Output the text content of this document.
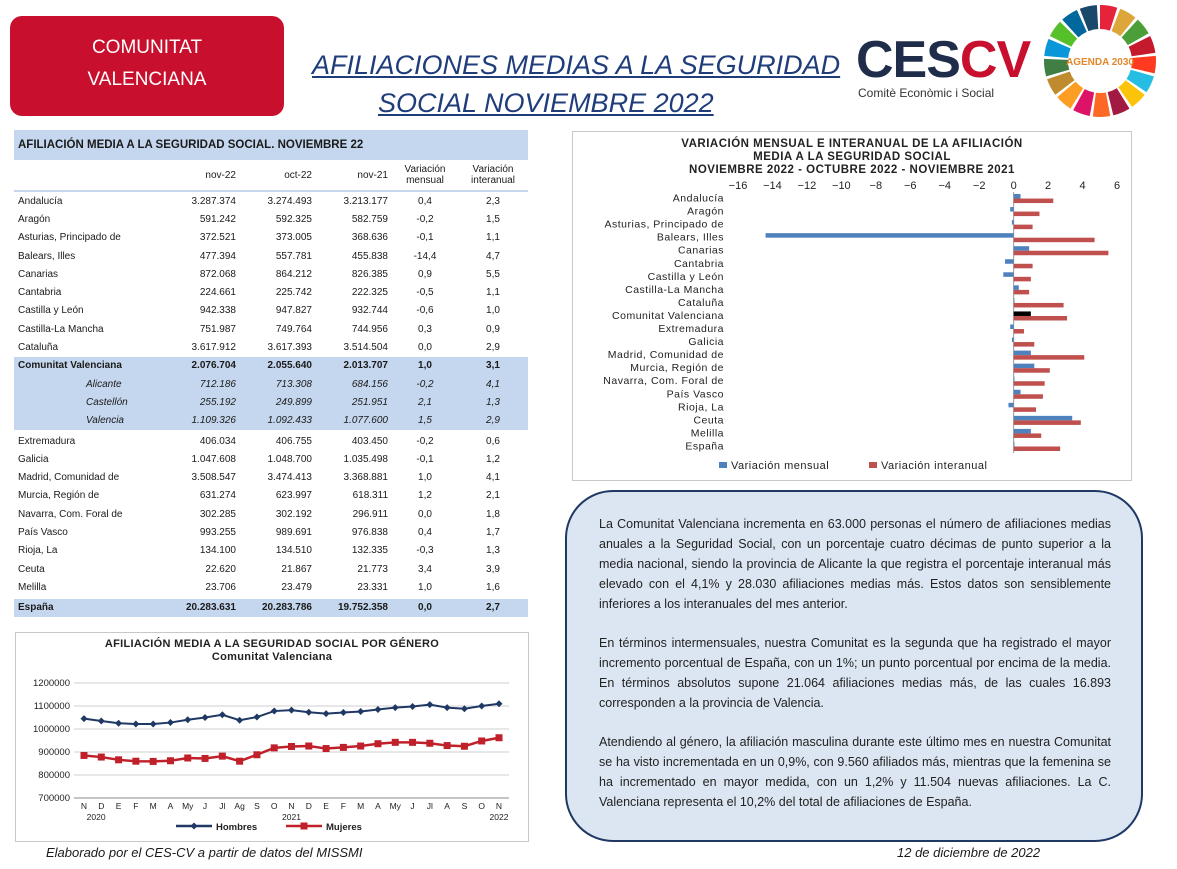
COMUNITAT
VALENCIANA	AFILIACIONES MEDIAS A LA SEGURIDAD
SOCIAL NOVIEMBRE 2022
CESCV
Comitè Econòmic i Social
AGENDA 2030
AFILIACIÓN MEDIA A LA SEGURIDAD SOCIAL. NOVIEMBRE 22					
	nov-22	oct-22	nov-21	Variación mensual	Variación interanual

Andalucía	3.287.374	3.274.493	3.213.177	0,4	2,3
Aragón	591.242	592.325	582.759	-0,2	1,5
Asturias, Principado de	372.521	373.005	368.636	-0,1	1,1
Balears, Illes	477.394	557.781	455.838	-14,4	4,7
Canarias	872.068	864.212	826.385	0,9	5,5
Cantabria	224.661	225.742	222.325	-0,5	1,1
Castilla y León	942.338	947.827	932.744	-0,6	1,0
Castilla-La Mancha	751.987	749.764	744.956	0,3	0,9
Cataluña	3.617.912	3.617.393	3.514.504	0,0	2,9
Comunitat Valenciana	2.076.704	2.055.640	2.013.707	1,0	3,1
Alicante	712.186	713.308	684.156	-0,2	4,1
Castellón	255.192	249.899	251.951	2,1	1,3
Valencia	1.109.326	1.092.433	1.077.600	1,5	2,9

Extremadura	406.034	406.755	403.450	-0,2	0,6
Galicia	1.047.608	1.048.700	1.035.498	-0,1	1,2
Madrid, Comunidad de	3.508.547	3.474.413	3.368.881	1,0	4,1
Murcia, Región de	631.274	623.997	618.311	1,2	2,1
Navarra, Com. Foral de	302.285	302.192	296.911	0,0	1,8
País Vasco	993.255	989.691	976.838	0,4	1,7
Rioja, La	134.100	134.510	132.335	-0,3	1,3
Ceuta	22.620	21.867	21.773	3,4	3,9
Melilla	23.706	23.479	23.331	1,0	1,6

España	20.283.631	20.283.786	19.752.358	0,0	2,7
VARIACIÓN MENSUAL E INTERANUAL DE LA AFILIACIÓN
MEDIA A LA SEGURIDAD SOCIAL
NOVIEMBRE 2022 - OCTUBRE 2022 - NOVIEMBRE 2021
−16 −14 −12 −10 −8 −6 −4 −2 0	2	4	6
Andalucía
Aragón
Asturias, Principado de
Balears, Illes
Canarias
Cantabria
Castilla y León
Castilla-La Mancha
Cataluña
Comunitat Valenciana
Extremadura
Galicia
Madrid, Comunidad de
Murcia, Región de
Navarra, Com. Foral de
País Vasco
Rioja, La
Ceuta
Melilla
España
Variación mensual	Variación interanual
AFILIACIÓN MEDIA A LA SEGURIDAD SOCIAL POR GÉNERO
Comunitat Valenciana
700000
800000
900000
1000000
1100000
1200000
N D E F M A My J Jl Ag S O N D E F M A My J Jl A S O N
2020	2021	2022
Hombres	Mujeres

La Comunitat Valenciana incrementa en 63.000 personas el número de afiliaciones medias anuales a la Seguridad Social, con un porcentaje cuatro décimas de punto superior a la media nacional, siendo la provincia de Alicante la que registra el porcentaje interanual más elevado con el 4,1% y 28.030 afiliaciones medias más. Estos datos son sensiblemente inferiores a los interanuales del mes anterior.

En términos intermensuales, nuestra Comunitat es la segunda que ha registrado el mayor incremento porcentual de España, con un 1%; un punto porcentual por encima de la media. En términos absolutos supone 21.064 afiliaciones medias más, de las cuales 16.893 corresponden a la provincia de Valencia.

Atendiendo al género, la afiliación masculina durante este último mes en nuestra Comunitat se ha visto incrementada en un 0,9%, con 9.560 afiliados más, mientras que la femenina se ha incrementado en mayor medida, con un 1,2% y 11.504 nuevas afiliaciones. La C. Valenciana representa el 10,2% del total de afiliaciones de España.

Elaborado por el CES-CV a partir de datos del MISSMI	12 de diciembre de 2022
